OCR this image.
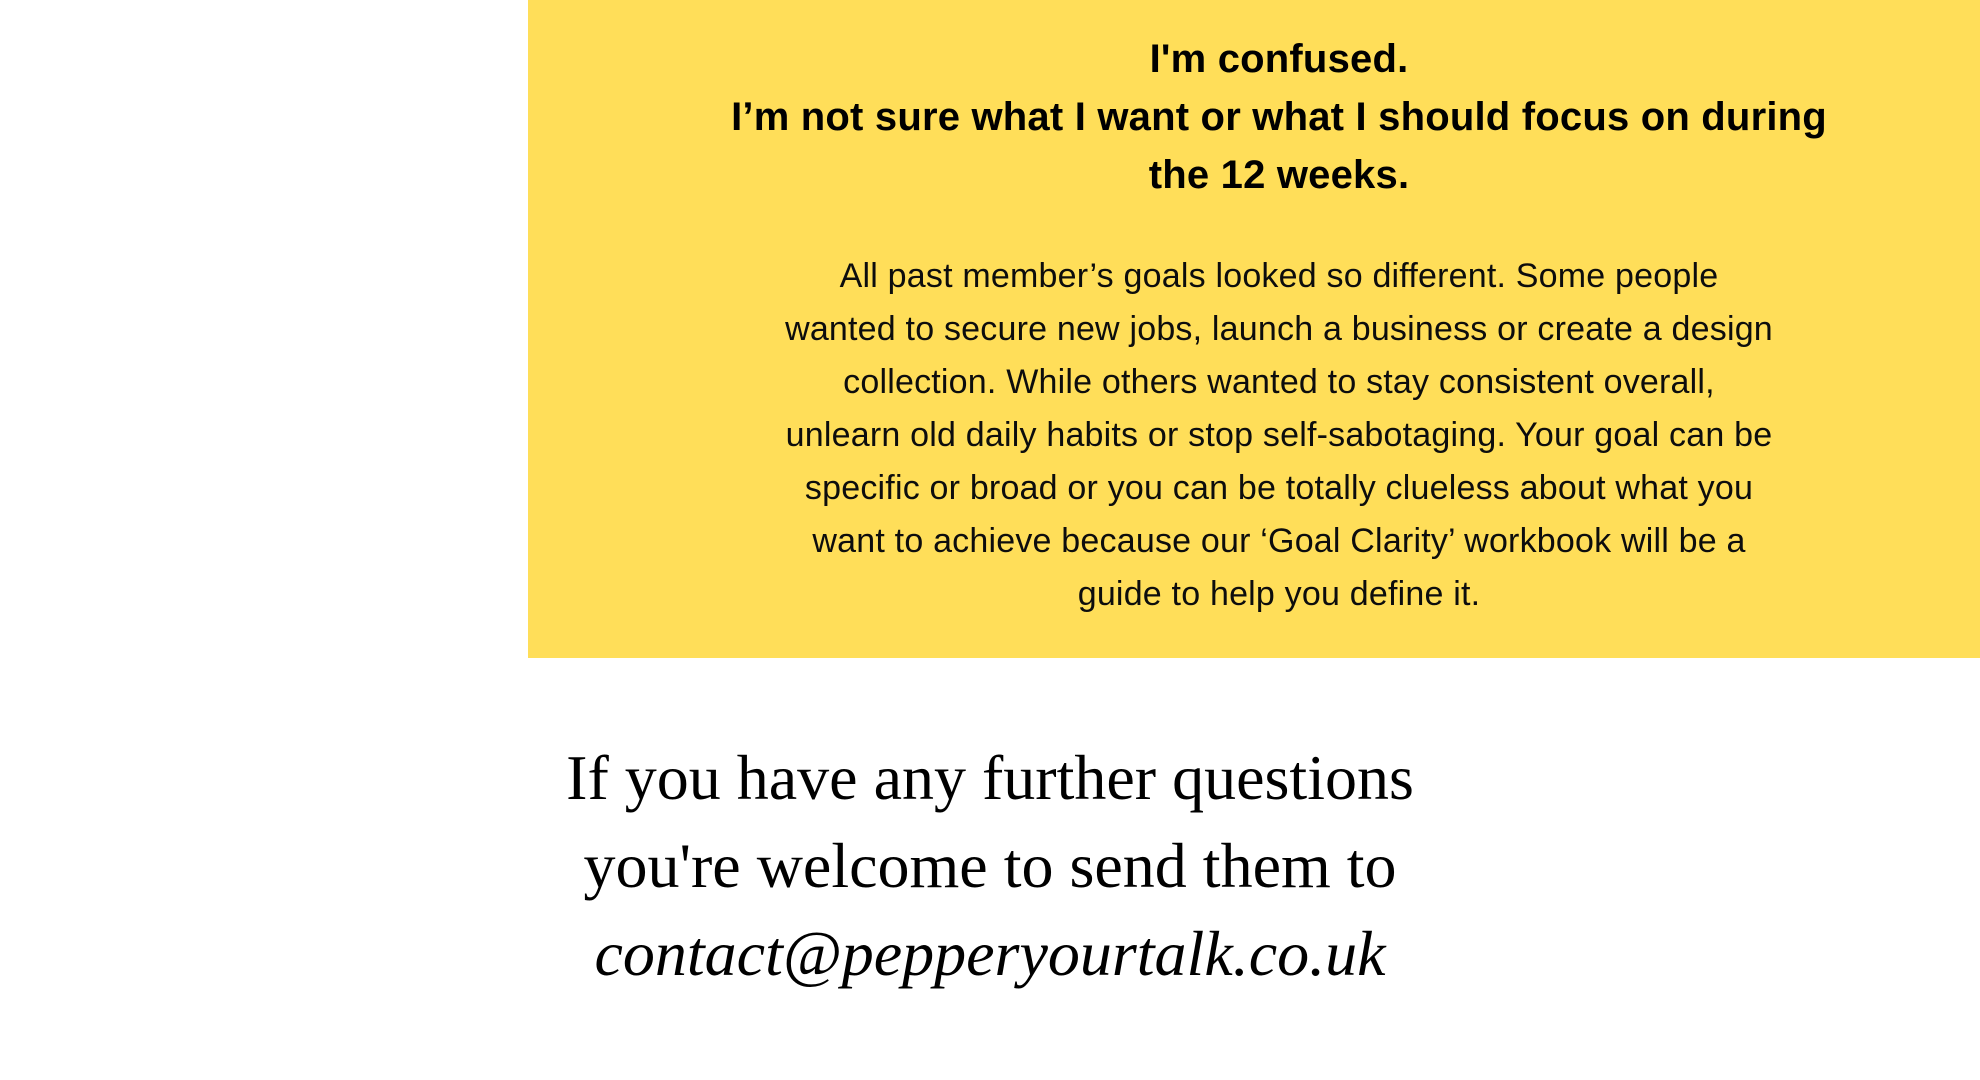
I'm confused.
I’m not sure what I want or what I should focus on during
the 12 weeks.

All past member’s goals looked so different. Some people
wanted to secure new jobs, launch a business or create a design
collection. While others wanted to stay consistent overall,
unlearn old daily habits or stop self-sabotaging. Your goal can be
specific or broad or you can be totally clueless about what you
want to achieve because our ‘Goal Clarity’ workbook will be a
guide to help you define it.

If you have any further questions
you're welcome to send them to
contact@pepperyourtalk.co.uk
